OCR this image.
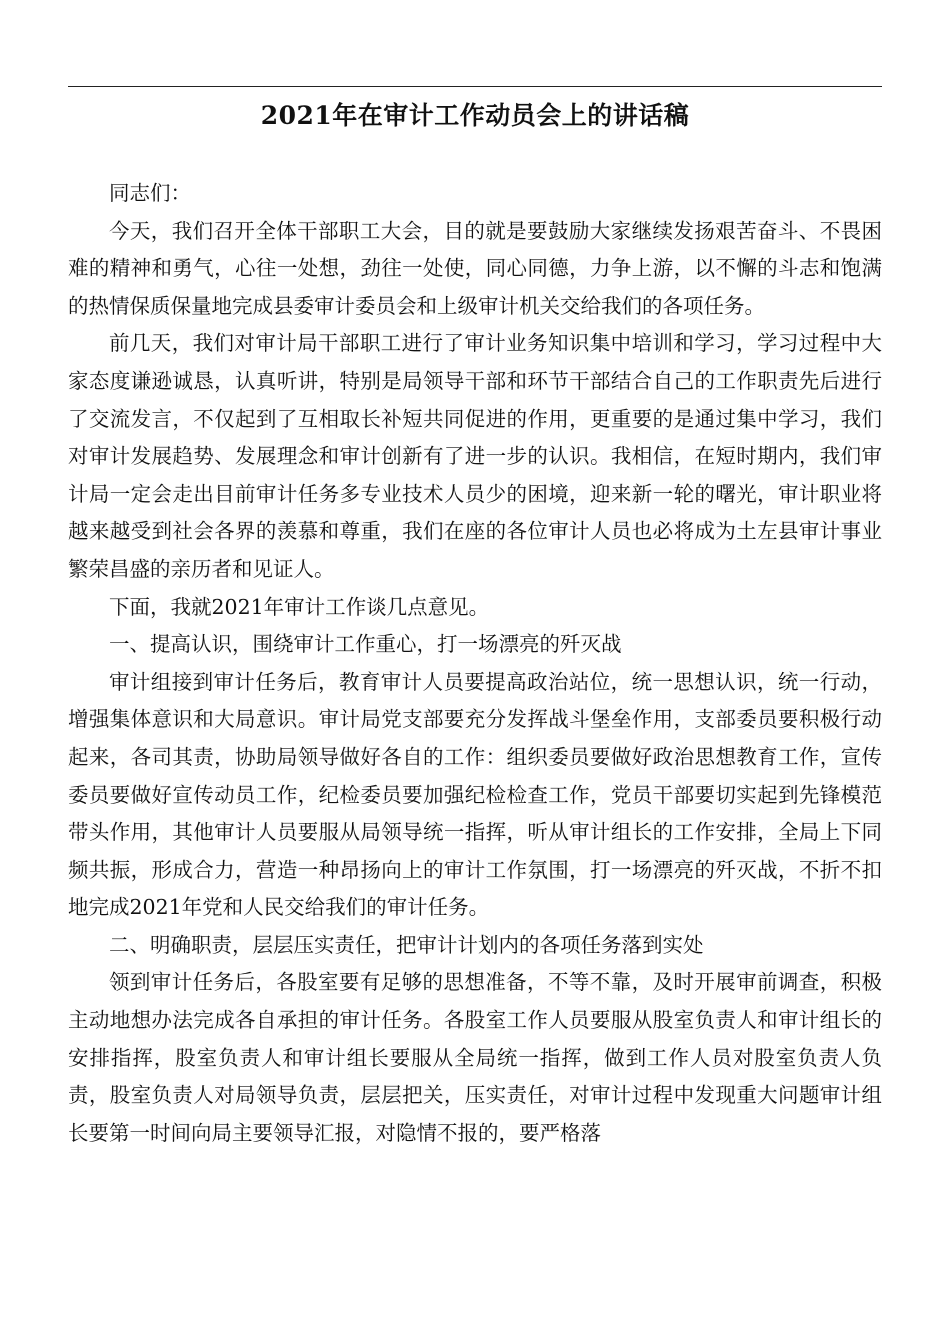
2021年在审计工作动员会上的讲话稿

同志们：

今天，我们召开全体干部职工大会，目的就是要鼓励大家继续发扬艰苦奋斗、不畏困难的精神和勇气，心往一处想，劲往一处使，同心同德，力争上游，以不懈的斗志和饱满的热情保质保量地完成县委审计委员会和上级审计机关交给我们的各项任务。

前几天，我们对审计局干部职工进行了审计业务知识集中培训和学习，学习过程中大家态度谦逊诚恳，认真听讲，特别是局领导干部和环节干部结合自己的工作职责先后进行了交流发言，不仅起到了互相取长补短共同促进的作用，更重要的是通过集中学习，我们对审计发展趋势、发展理念和审计创新有了进一步的认识。我相信，在短时期内，我们审计局一定会走出目前审计任务多专业技术人员少的困境，迎来新一轮的曙光，审计职业将越来越受到社会各界的羡慕和尊重，我们在座的各位审计人员也必将成为土左县审计事业繁荣昌盛的亲历者和见证人。

下面，我就2021年审计工作谈几点意见。

一、提高认识，围绕审计工作重心，打一场漂亮的歼灭战

审计组接到审计任务后，教育审计人员要提高政治站位，统一思想认识，统一行动，增强集体意识和大局意识。审计局党支部要充分发挥战斗堡垒作用，支部委员要积极行动起来，各司其责，协助局领导做好各自的工作：组织委员要做好政治思想教育工作，宣传委员要做好宣传动员工作，纪检委员要加强纪检检查工作，党员干部要切实起到先锋模范带头作用，其他审计人员要服从局领导统一指挥，听从审计组长的工作安排，全局上下同频共振，形成合力，营造一种昂扬向上的审计工作氛围，打一场漂亮的歼灭战，不折不扣地完成2021年党和人民交给我们的审计任务。

二、明确职责，层层压实责任，把审计计划内的各项任务落到实处

领到审计任务后，各股室要有足够的思想准备，不等不靠，及时开展审前调查，积极主动地想办法完成各自承担的审计任务。各股室工作人员要服从股室负责人和审计组长的安排指挥，股室负责人和审计组长要服从全局统一指挥，做到工作人员对股室负责人负责，股室负责人对局领导负责，层层把关，压实责任，对审计过程中发现重大问题审计组长要第一时间向局主要领导汇报，对隐情不报的，要严格落
